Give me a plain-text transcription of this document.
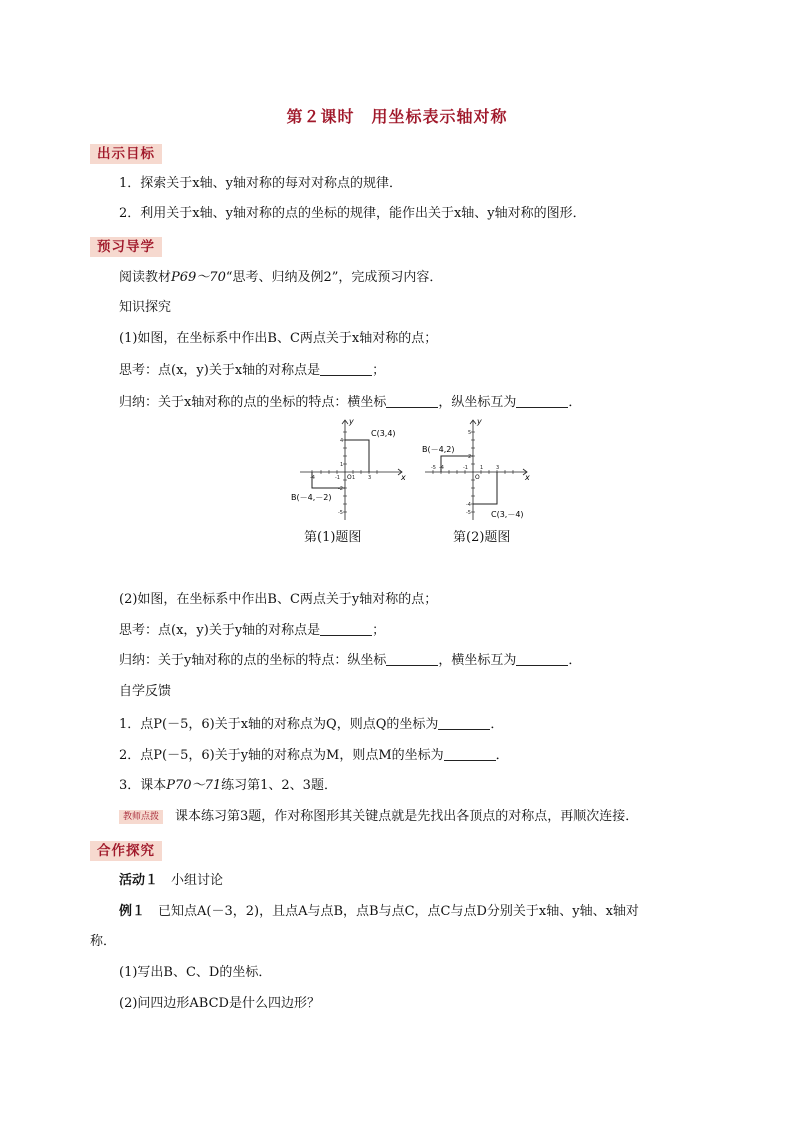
第２课时　用坐标表示轴对称
出示目标
1．探索关于x轴、y轴对称的每对对称点的规律．
2．利用关于x轴、y轴对称的点的坐标的规律，能作出关于x轴、y轴对称的图形．
预习导学
阅读教材P69～70“思考、归纳及例2”，完成预习内容．
知识探究
(1)如图，在坐标系中作出B、C两点关于x轴对称的点；
思考：点(x，y)关于x轴的对称点是	；
归纳：关于x轴对称的点的坐标的特点：横坐标	，纵坐标互为	．
-4	-1 1	3
4
1
-2
-5
y
x
O
C(3,4)
B(－4,－2)
第(1)题图
-5 -4	-1 1	3
5
2
-4
-5
y
x
O
B(－4,2)
C(3,－4)
第(2)题图
(2)如图，在坐标系中作出B、C两点关于y轴对称的点；
思考：点(x，y)关于y轴的对称点是	；
归纳：关于y轴对称的点的坐标的特点：纵坐标	，横坐标互为	．
自学反馈
1．点P(－5，6)关于x轴的对称点为Q，则点Q的坐标为	．
2．点P(－5，6)关于y轴的对称点为M，则点M的坐标为	．
3．课本P70～71练习第1、2、3题．
教师点拨 课本练习第3题，作对称图形其关键点就是先找出各顶点的对称点，再顺次连接．
合作探究
活动１　 小组讨论
例１　 已知点A(－3，2)，且点A与点B，点B与点C，点C与点D分别关于x轴、y轴、x轴对
称．
(1)写出B、C、D的坐标．
(2)问四边形ABCD是什么四边形？
